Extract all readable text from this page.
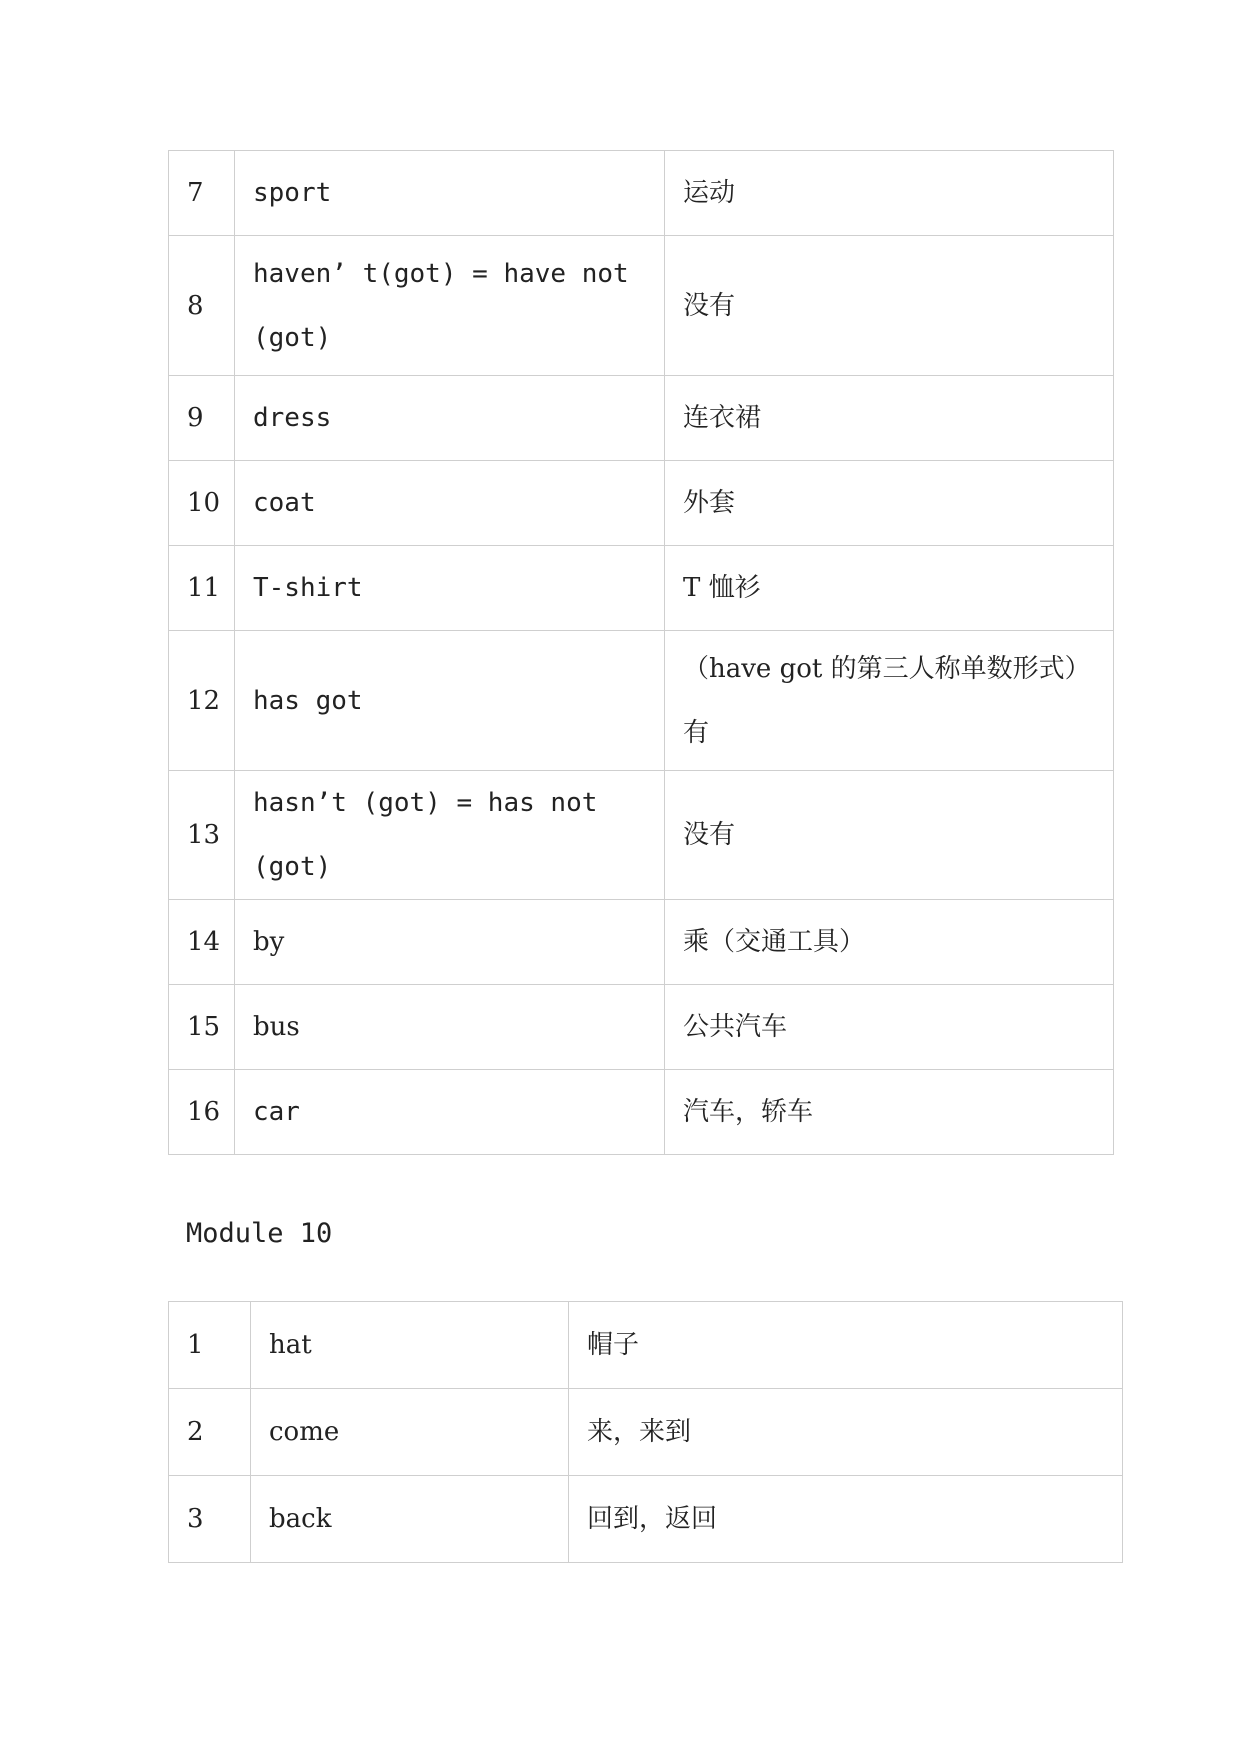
7	sport	运动
8	haven’ t(got) = have not (got)	没有
9	dress	连衣裙
10	coat	外套
11	T-shirt	T 恤衫
12	has got	（have got 的第三人称单数形式）有
13	hasn’t (got) = has not (got)	没有
14	by	乘（交通工具）
15	bus	公共汽车
16	car	汽车，轿车
Module 10
1	hat	帽子
2	come	来，来到
3	back	回到，返回
